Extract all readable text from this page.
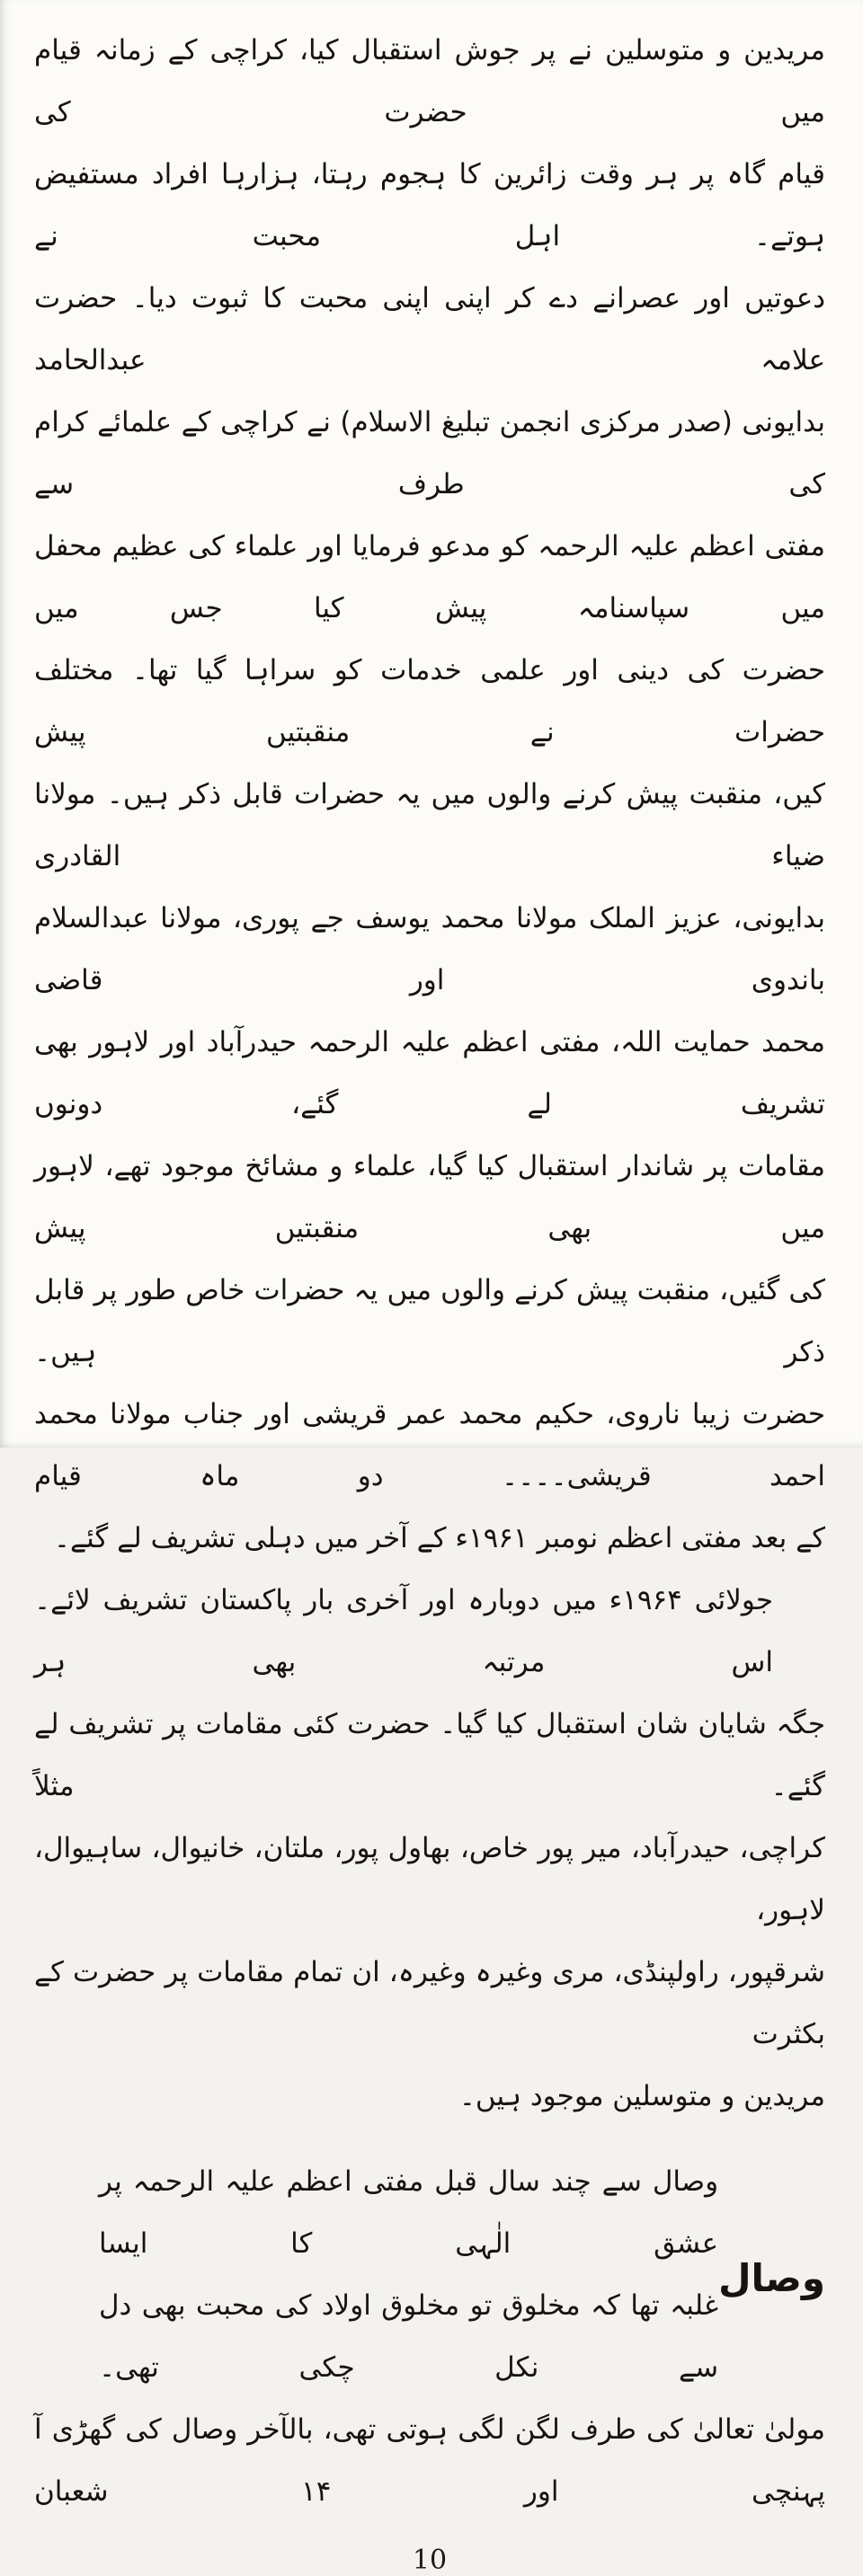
مریدین و متوسلین نے پر جوش استقبال کیا، کراچی کے زمانہ قیام میں حضرت کی

قیام گاہ پر ہر وقت زائرین کا ہجوم رہتا، ہزارہا افراد مستفیض ہوتے۔ اہل محبت نے

دعوتیں اور عصرانے دے کر اپنی اپنی محبت کا ثبوت دیا۔ حضرت علامہ عبدالحامد

بدایونی (صدر مرکزی انجمن تبلیغ الاسلام) نے کراچی کے علمائے کرام کی طرف سے

مفتی اعظم علیہ الرحمہ کو مدعو فرمایا اور علماء کی عظیم محفل میں سپاسنامہ پیش کیا جس میں

حضرت کی دینی اور علمی خدمات کو سراہا گیا تھا۔ مختلف حضرات نے منقبتیں پیش

کیں، منقبت پیش کرنے والوں میں یہ حضرات قابل ذکر ہیں۔ مولانا ضیاء القادری

بدایونی، عزیز الملک مولانا محمد یوسف جے پوری، مولانا عبدالسلام باندوی اور قاضی

محمد حمایت اللہ، مفتی اعظم علیہ الرحمہ حیدرآباد اور لاہور بھی تشریف لے گئے، دونوں

مقامات پر شاندار استقبال کیا گیا، علماء و مشائخ موجود تھے، لاہور میں بھی منقبتیں پیش

کی گئیں، منقبت پیش کرنے والوں میں یہ حضرات خاص طور پر قابل ذکر ہیں۔

حضرت زیبا ناروی، حکیم محمد عمر قریشی اور جناب مولانا محمد احمد قریشی۔۔۔۔ دو ماہ قیام

کے بعد مفتی اعظم نومبر ۱۹۶۱ء کے آخر میں دہلی تشریف لے گئے۔

جولائی ۱۹۶۴ء میں دوبارہ اور آخری بار پاکستان تشریف لائے۔ اس مرتبہ بھی ہر

جگہ شایان شان استقبال کیا گیا۔ حضرت کئی مقامات پر تشریف لے گئے۔ مثلاً

کراچی، حیدرآباد، میر پور خاص، بھاول پور، ملتان، خانیوال، ساہیوال، لاہور،

شرقپور، راولپنڈی، مری وغیرہ وغیرہ، ان تمام مقامات پر حضرت کے بکثرت

مریدین و متوسلین موجود ہیں۔

وصال

وصال سے چند سال قبل مفتی اعظم علیہ الرحمہ پر عشق الٰہی کا ایسا

غلبہ تھا کہ مخلوق تو مخلوق اولاد کی محبت بھی دل سے نکل چکی تھی۔

مولیٰ تعالیٰ کی طرف لگن لگی ہوتی تھی، بالآخر وصال کی گھڑی آ پہنچی اور ۱۴ شعبان

10
